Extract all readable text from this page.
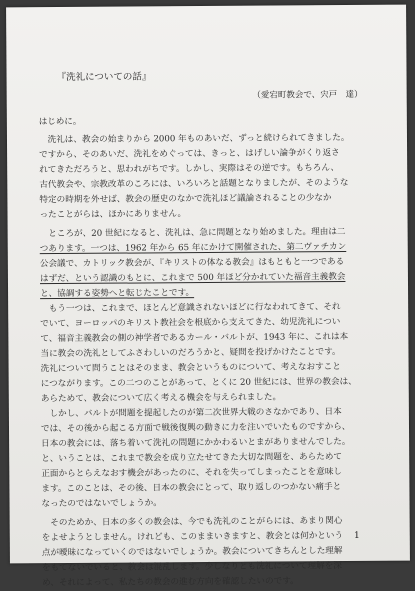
『洗礼についての話』
（愛宕町教会で、宍戸　達）
はじめに。
　洗礼は、教会の始まりから 2000 年ものあいだ、ずっと続けられてきました。
ですから、そのあいだ、洗礼をめぐっては、きっと、はげしい論争がくり返さ
れてきただろうと、思われがちです。しかし、実際はその逆です。もちろん、
古代教会や、宗教改革のころには、いろいろと話題となりましたが、そのような
特定の時期を外せば、教会の歴史のなかで洗礼ほど議論されることの少なか
ったことがらは、ほかにありません。
　ところが、20 世紀になると、洗礼は、急に問題となり始めました。理由は二
つあります。一つは、1962 年から 65 年にかけて開催された、第二ヴァチカン
公会議で、カトリック教会が、『キリストの体なる教会』はもともと一つである
はずだ、という認識のもとに、これまで 500 年ほど分かれていた福音主義教会
と、協調する姿勢へと転じたことです。
　もう一つは、これまで、ほとんど意識されないほどに行なわれてきて、それ
でいて、ヨーロッパのキリスト教社会を根底から支えてきた、幼児洗礼につい
て、福音主義教会の側の神学者であるカール・バルトが、1943 年に、これは本
当に教会の洗礼としてふさわしいのだろうかと、疑問を投げかけたことです。
洗礼について問うことはそのまま、教会というものについて、考えなおすこと
につながります。この二つのことがあって、とくに 20 世紀には、世界の教会は、
あらためて、教会について広く考える機会を与えられました。
　しかし、バルトが問題を提起したのが第二次世界大戦のさなかであり、日本
では、その後から起こる方面で戦後復興の動きに力を注いでいたものですから、
日本の教会には、落ち着いて洗礼の問題にかかわるいとまがありませんでした。
と、いうことは、これまで教会を成り立たせてきた大切な問題を、あらためて
正面からとらえなおす機会があったのに、それを失ってしまったことを意味し
ます。このことは、その後、日本の教会にとって、取り返しのつかない痛手と
なったのではないでしょうか。
　そのためか、日本の多くの教会は、今でも洗礼のことがらには、あまり関心
をよせようとしません。けれども、このままいきますと、教会とは何かという
点が曖昧になっていくのではないでしょうか。教会についてきちんとした理解
をもてないでいると、教会は混乱します。少しなりとも洗礼について理解を深
め、それによって、私たちの教会の進む方向を確認したいのです。
1
